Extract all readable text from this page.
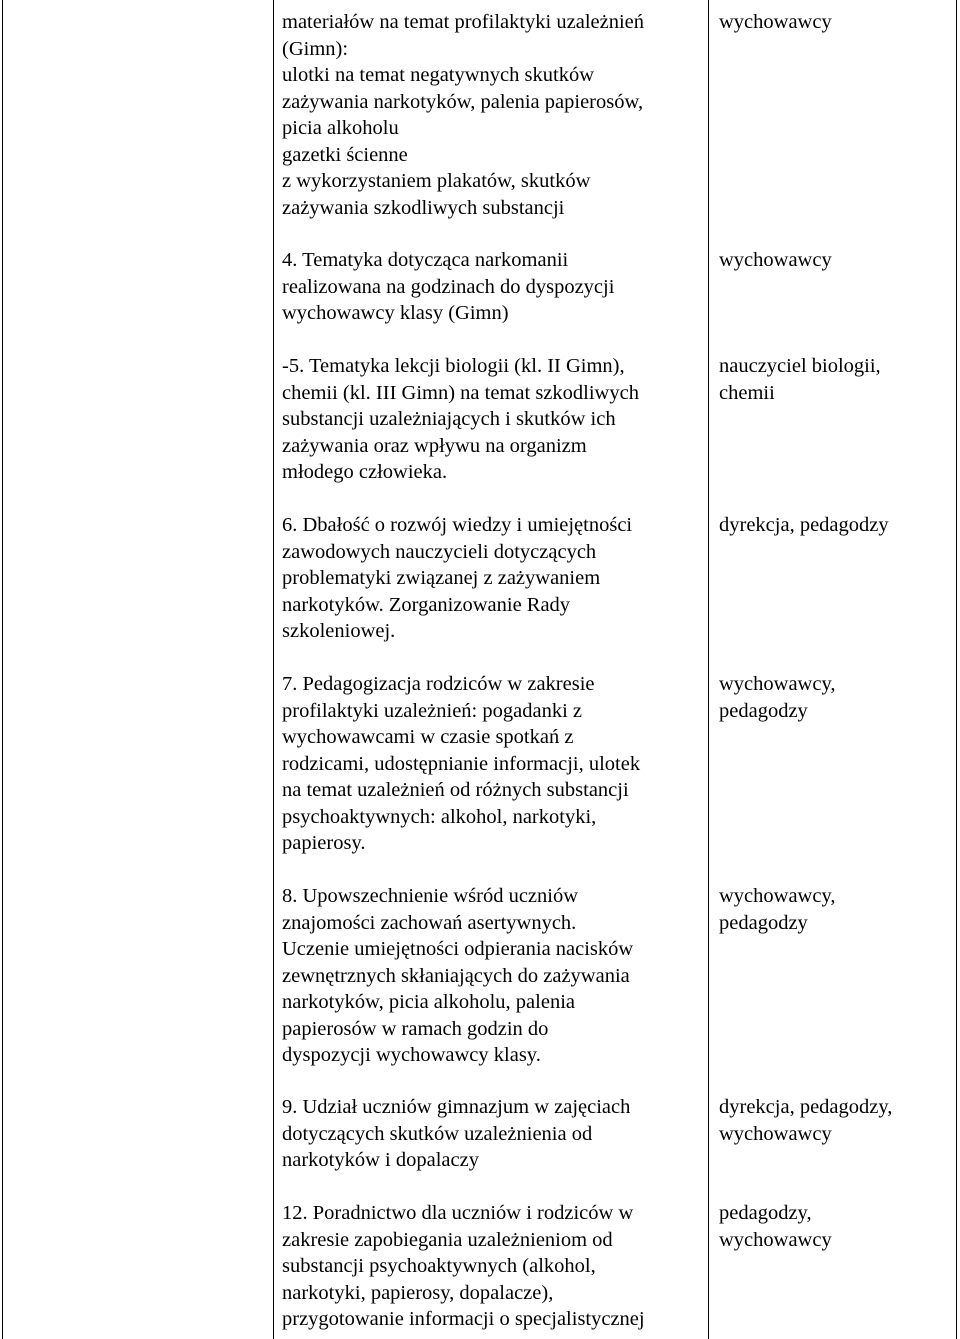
materiałów na temat profilaktyki uzależnień
(Gimn):
ulotki na temat negatywnych skutków
zażywania narkotyków, palenia papierosów,
picia alkoholu
gazetki ścienne
z wykorzystaniem plakatów, skutków
zażywania szkodliwych substancji
wychowawcy
4. Tematyka dotycząca narkomanii
realizowana na godzinach do dyspozycji
wychowawcy klasy (Gimn)
wychowawcy
-5. Tematyka lekcji biologii (kl. II Gimn),
chemii (kl. III Gimn) na temat szkodliwych
substancji uzależniających i skutków ich
zażywania oraz wpływu na organizm
młodego człowieka.
nauczyciel biologii,
chemii
6. Dbałość o rozwój wiedzy i umiejętności
zawodowych nauczycieli dotyczących
problematyki związanej z zażywaniem
narkotyków. Zorganizowanie Rady
szkoleniowej.
dyrekcja, pedagodzy
7. Pedagogizacja rodziców w zakresie
profilaktyki uzależnień: pogadanki z
wychowawcami w czasie spotkań z
rodzicami, udostępnianie informacji, ulotek
na temat uzależnień od różnych substancji
psychoaktywnych: alkohol, narkotyki,
papierosy.
wychowawcy,
pedagodzy
8. Upowszechnienie wśród uczniów
znajomości zachowań asertywnych.
Uczenie umiejętności odpierania nacisków
zewnętrznych skłaniających do zażywania
narkotyków, picia alkoholu, palenia
papierosów w ramach godzin do
dyspozycji wychowawcy klasy.
wychowawcy,
pedagodzy
9. Udział uczniów gimnazjum w zajęciach
dotyczących skutków uzależnienia od
narkotyków i dopalaczy
dyrekcja, pedagodzy,
wychowawcy
12. Poradnictwo dla uczniów i rodziców w
zakresie zapobiegania uzależnieniom od
substancji psychoaktywnych (alkohol,
narkotyki, papierosy, dopalacze),
przygotowanie informacji o specjalistycznej
pedagodzy,
wychowawcy
